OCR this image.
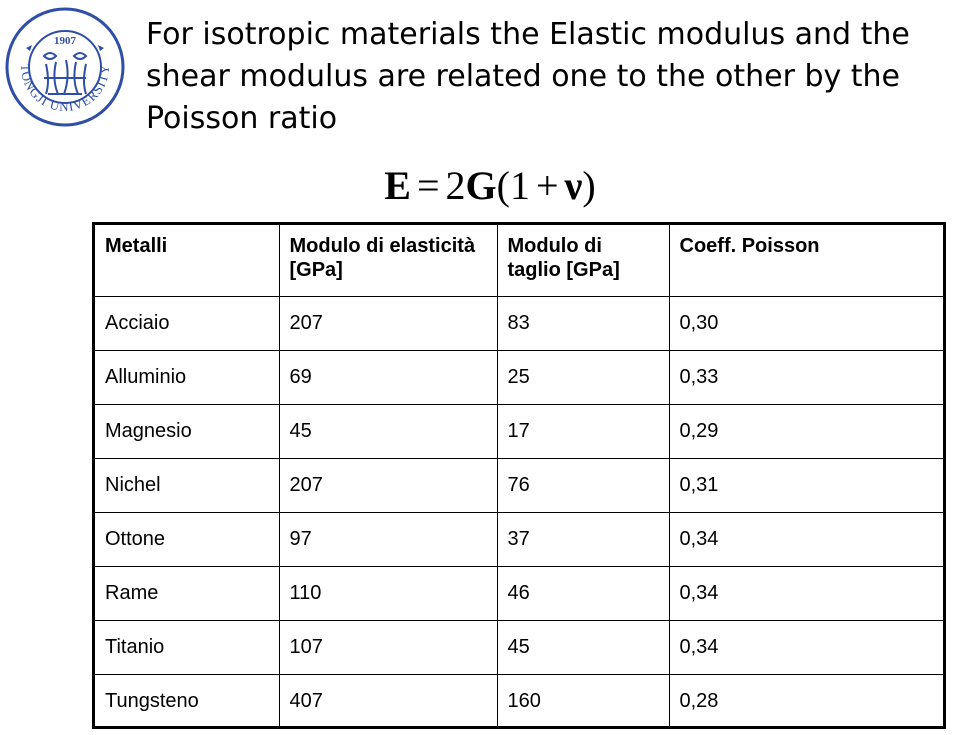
TONGJI UNIVERSITY
1907 For isotropic materials the Elastic modulus and the shear modulus are related one to the other by the Poisson ratio

E = 2G(1 + ν)
Metalli	Modulo di elasticità [GPa]	Modulo di taglio [GPa]	Coeff. Poisson
Acciaio	207	83	0,30
Alluminio	69	25	0,33
Magnesio	45	17	0,29
Nichel	207	76	0,31
Ottone	97	37	0,34
Rame	110	46	0,34
Titanio	107	45	0,34
Tungsteno	407	160	0,28
